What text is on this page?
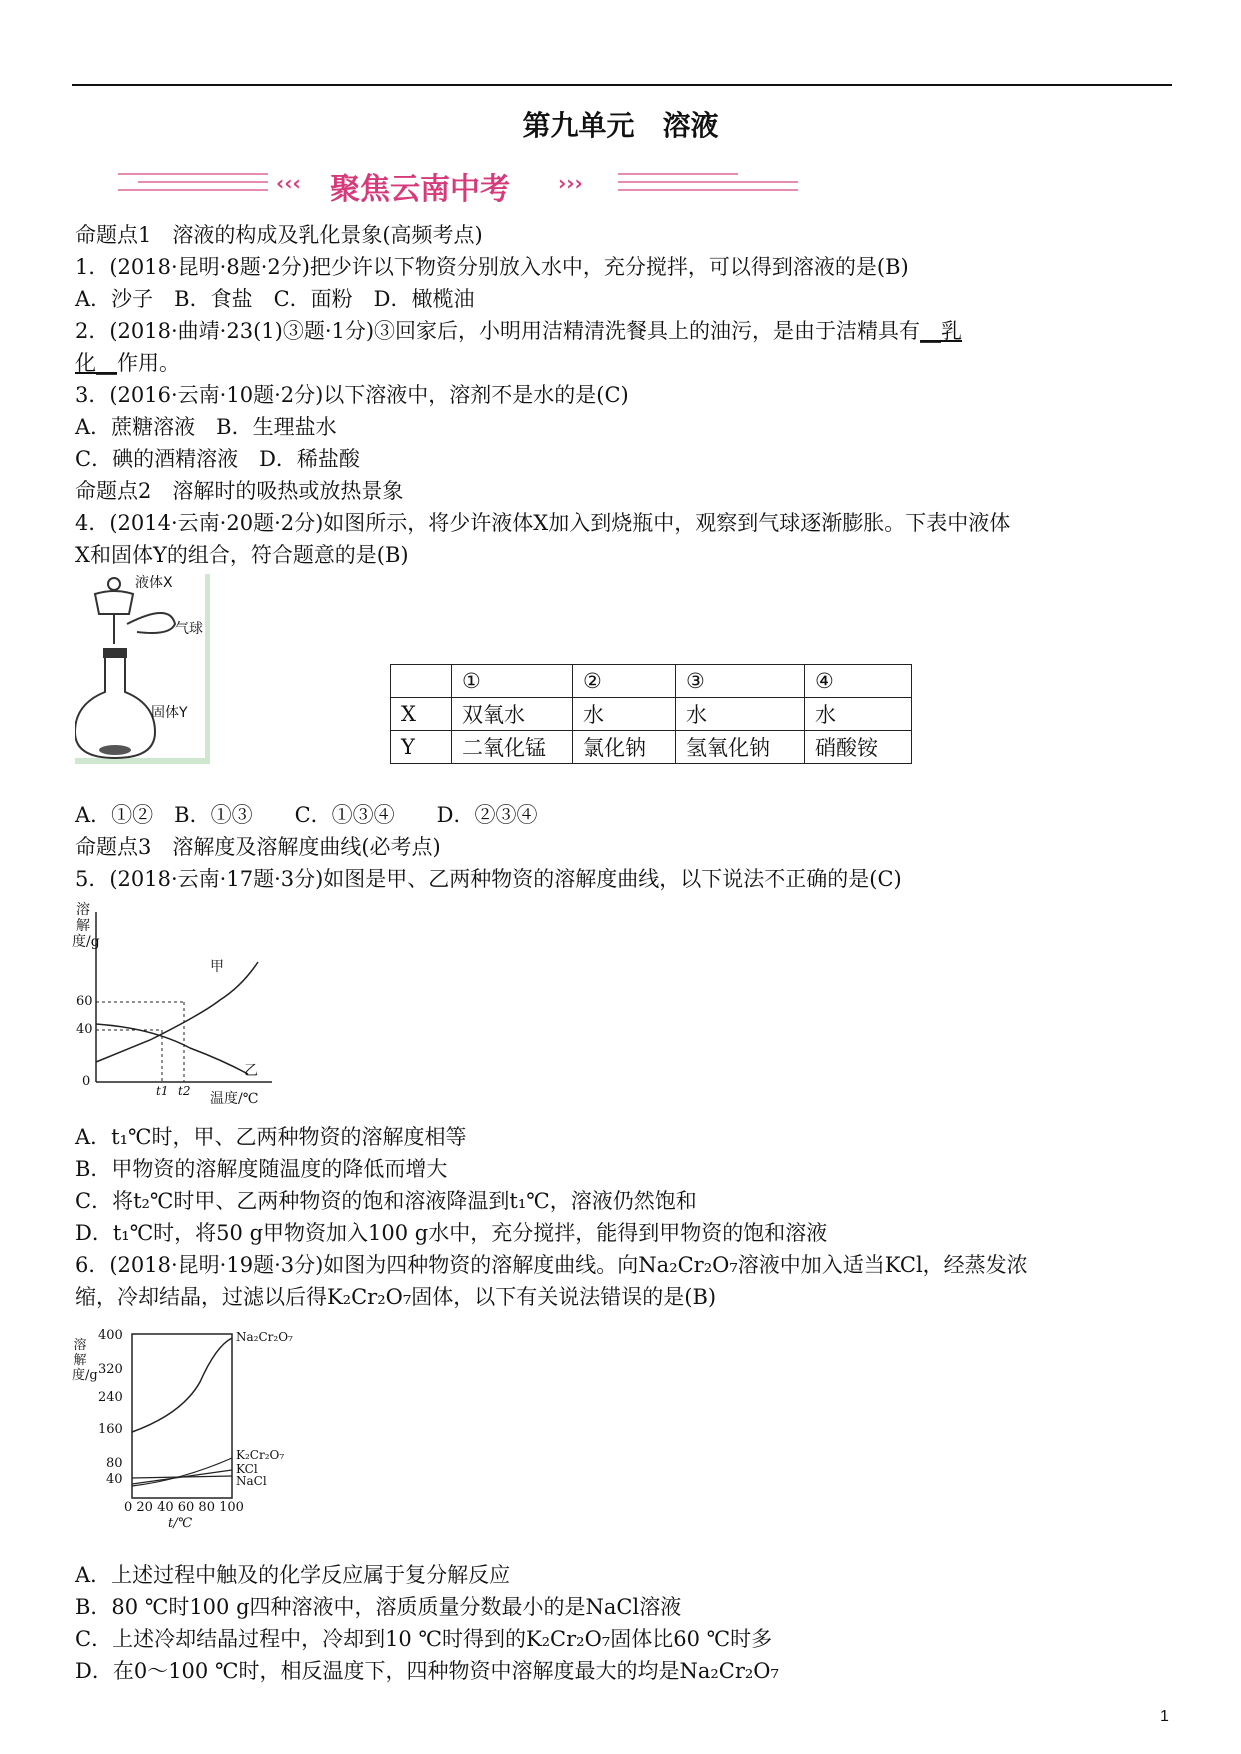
第九单元　溶液
‹‹‹	›››
聚焦云南中考
命题点1　溶液的构成及乳化景象(高频考点)
1．(2018·昆明·8题·2分)把少许以下物资分别放入水中，充分搅拌，可以得到溶液的是(B)
A．沙子　B．食盐　C．面粉　D．橄榄油
2．(2018·曲靖·23(1)③题·1分)③回家后，小明用洁精清洗餐具上的油污，是由于洁精具有__乳
化__作用。
3．(2016·云南·10题·2分)以下溶液中，溶剂不是水的是(C)
A．蔗糖溶液　B．生理盐水
C．碘的酒精溶液　D．稀盐酸
命题点2　溶解时的吸热或放热景象
4．(2014·云南·20题·2分)如图所示，将少许液体X加入到烧瓶中，观察到气球逐渐膨胀。下表中液体
X和固体Y的组合，符合题意的是(B)
液体X
气球
固体Y
	①	②	③	④
X	双氧水	水	水	水
Y	二氧化锰	氯化钠	氢氧化钠	硝酸铵
A．①②　B．①③　　C．①③④　　D．②③④
命题点3　溶解度及溶解度曲线(必考点)
5．(2018·云南·17题·3分)如图是甲、乙两种物资的溶解度曲线，以下说法不正确的是(C)
溶解度/g
温度/℃
甲
乙
60
40
0
t1 t2
A．t₁℃时，甲、乙两种物资的溶解度相等
B．甲物资的溶解度随温度的降低而增大
C．将t₂℃时甲、乙两种物资的饱和溶液降温到t₁℃，溶液仍然饱和
D．t₁℃时，将50 g甲物资加入100 g水中，充分搅拌，能得到甲物资的饱和溶液
6．(2018·昆明·19题·3分)如图为四种物资的溶解度曲线。向Na₂Cr₂O₇溶液中加入适当KCl，经蒸发浓
缩，冷却结晶，过滤以后得K₂Cr₂O₇固体，以下有关说法错误的是(B)
溶解度/g
400
320
240
160
80
40
0 20 40 60 80 100
t/℃
Na₂Cr₂O₇
K₂Cr₂O₇
KCl
NaCl
A．上述过程中触及的化学反应属于复分解反应
B．80 ℃时100 g四种溶液中，溶质质量分数最小的是NaCl溶液
C．上述冷却结晶过程中，冷却到10 ℃时得到的K₂Cr₂O₇固体比60 ℃时多
D．在0～100 ℃时，相反温度下，四种物资中溶解度最大的均是Na₂Cr₂O₇
1
